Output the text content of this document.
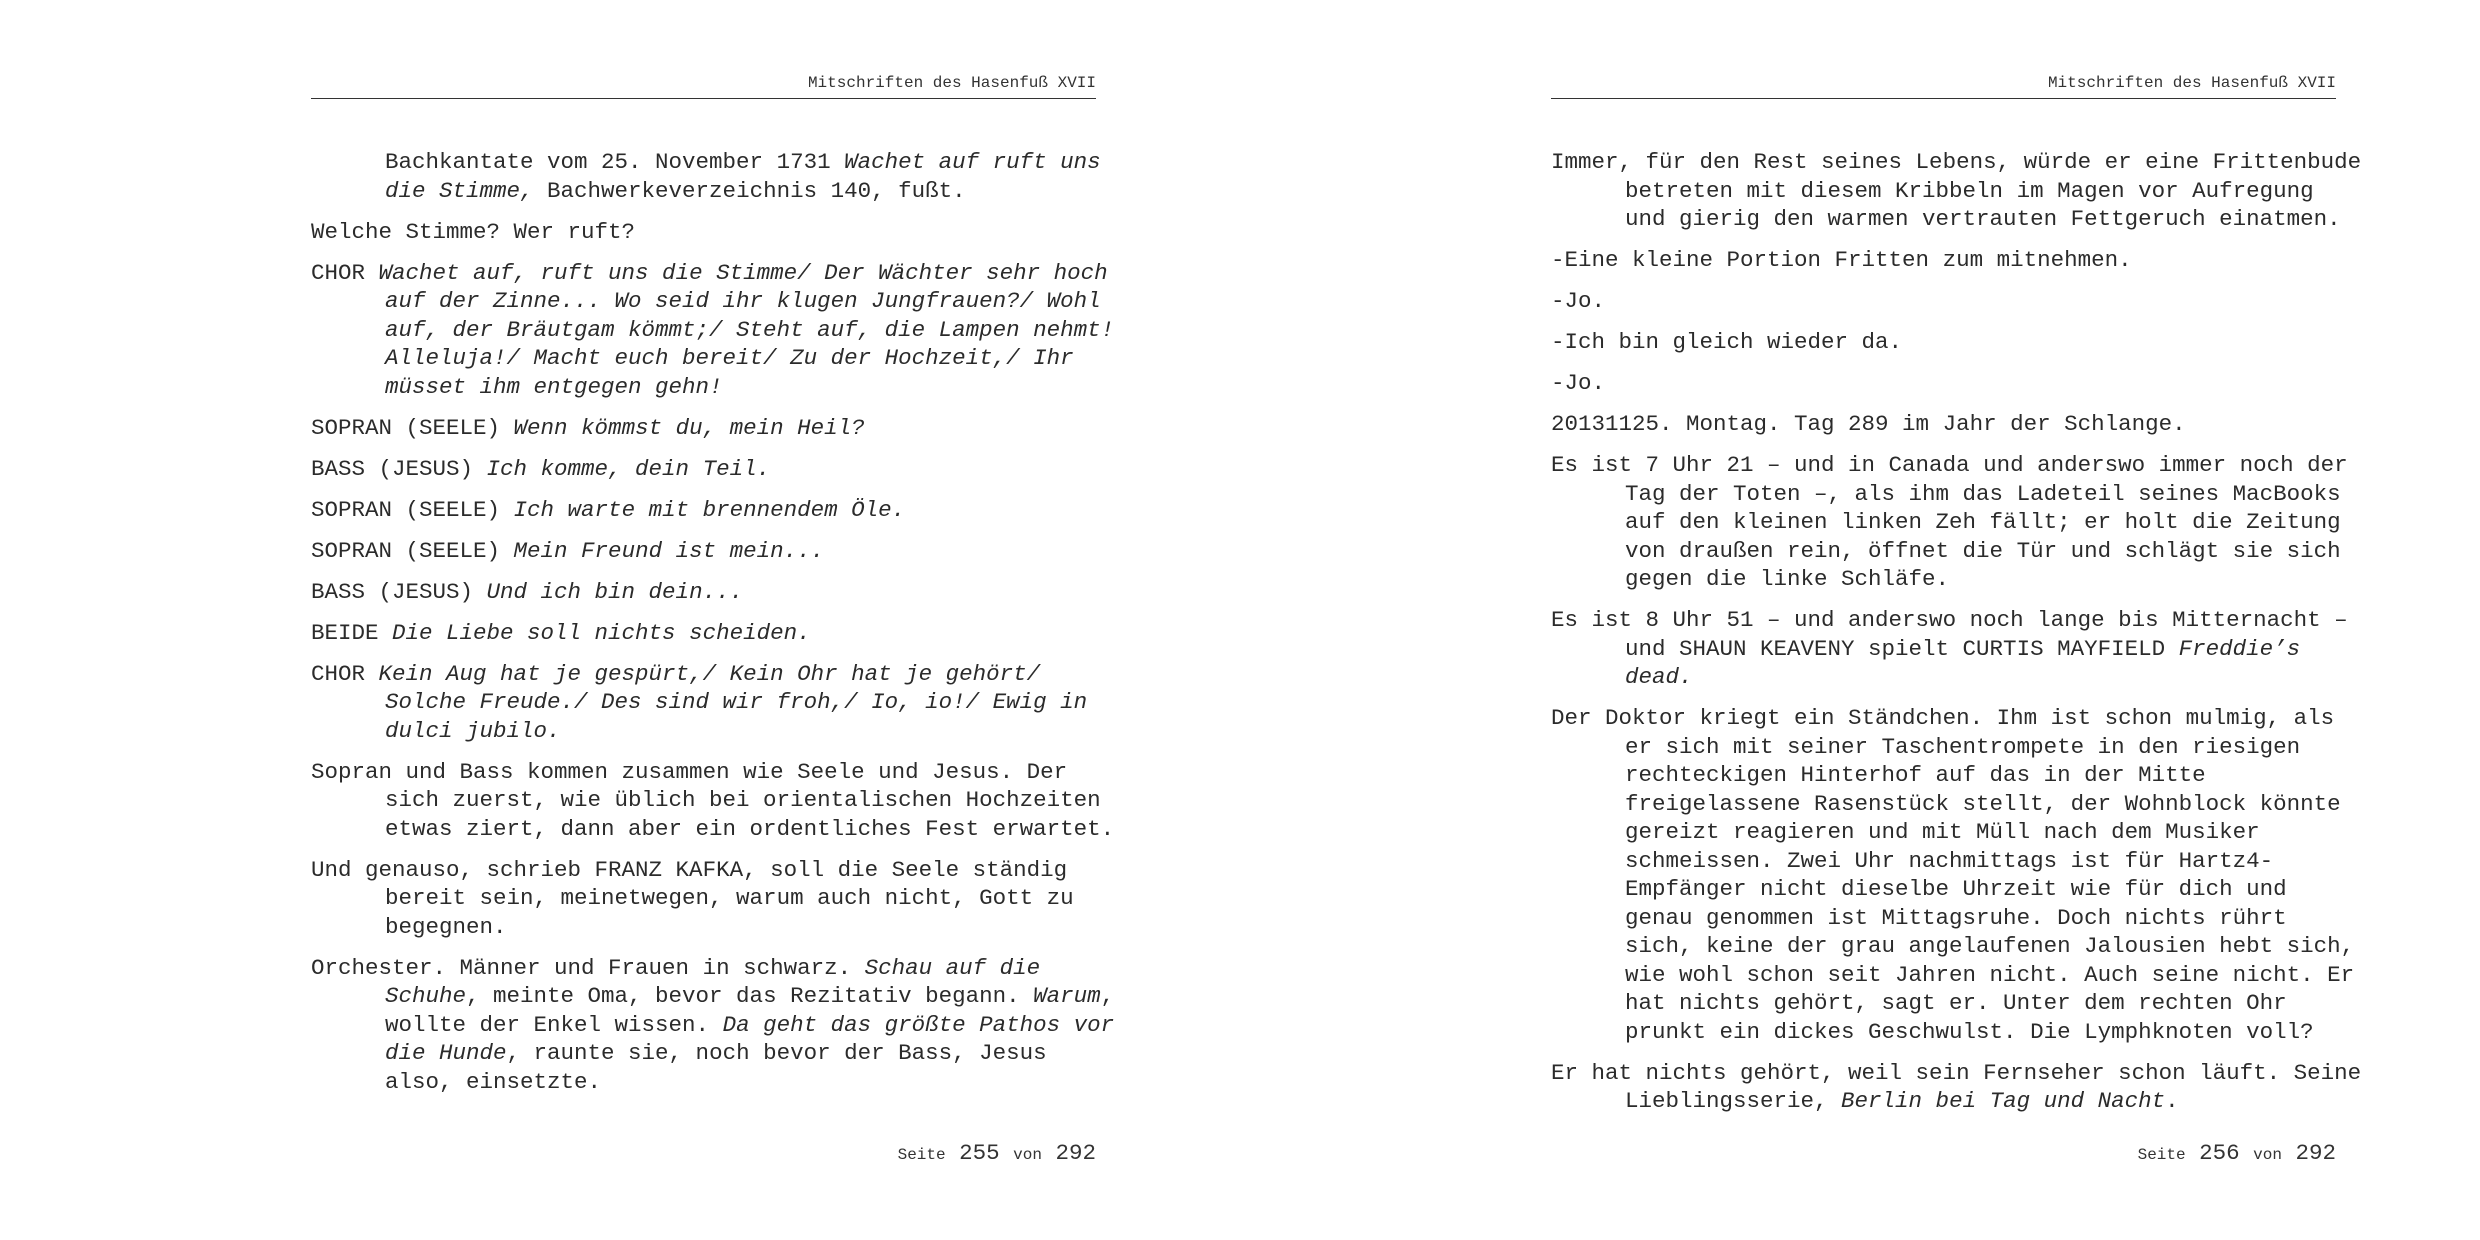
Mitschriften des Hasenfuß XVII
Bachkantate vom 25. November 1731 Wachet auf ruft uns
die Stimme, Bachwerkeverzeichnis 140, fußt.
Welche Stimme? Wer ruft?
CHOR Wachet auf, ruft uns die Stimme/ Der Wächter sehr hoch
auf der Zinne... Wo seid ihr klugen Jungfrauen?/ Wohl
auf, der Bräutgam kömmt;/ Steht auf, die Lampen nehmt!
Alleluja!/ Macht euch bereit/ Zu der Hochzeit,/ Ihr
müsset ihm entgegen gehn!
SOPRAN (SEELE) Wenn kömmst du, mein Heil?
BASS (JESUS) Ich komme, dein Teil.
SOPRAN (SEELE) Ich warte mit brennendem Öle.
SOPRAN (SEELE) Mein Freund ist mein...
BASS (JESUS) Und ich bin dein...
BEIDE Die Liebe soll nichts scheiden.
CHOR Kein Aug hat je gespürt,/ Kein Ohr hat je gehört/
Solche Freude./ Des sind wir froh,/ Io, io!/ Ewig in
dulci jubilo.
Sopran und Bass kommen zusammen wie Seele und Jesus. Der
sich zuerst, wie üblich bei orientalischen Hochzeiten
etwas ziert, dann aber ein ordentliches Fest erwartet.
Und genauso, schrieb FRANZ KAFKA, soll die Seele ständig
bereit sein, meinetwegen, warum auch nicht, Gott zu
begegnen.
Orchester. Männer und Frauen in schwarz. Schau auf die
Schuhe, meinte Oma, bevor das Rezitativ begann. Warum,
wollte der Enkel wissen. Da geht das größte Pathos vor
die Hunde, raunte sie, noch bevor der Bass, Jesus
also, einsetzte.
Seite 255 von 292
Mitschriften des Hasenfuß XVII
Immer, für den Rest seines Lebens, würde er eine Frittenbude
betreten mit diesem Kribbeln im Magen vor Aufregung
und gierig den warmen vertrauten Fettgeruch einatmen.
-Eine kleine Portion Fritten zum mitnehmen.
-Jo.
-Ich bin gleich wieder da.
-Jo.
20131125. Montag. Tag 289 im Jahr der Schlange.
Es ist 7 Uhr 21 – und in Canada und anderswo immer noch der
Tag der Toten –, als ihm das Ladeteil seines MacBooks
auf den kleinen linken Zeh fällt; er holt die Zeitung
von draußen rein, öffnet die Tür und schlägt sie sich
gegen die linke Schläfe.
Es ist 8 Uhr 51 – und anderswo noch lange bis Mitternacht –
und SHAUN KEAVENY spielt CURTIS MAYFIELD Freddie’s
dead.
Der Doktor kriegt ein Ständchen. Ihm ist schon mulmig, als
er sich mit seiner Taschentrompete in den riesigen
rechteckigen Hinterhof auf das in der Mitte
freigelassene Rasenstück stellt, der Wohnblock könnte
gereizt reagieren und mit Müll nach dem Musiker
schmeissen. Zwei Uhr nachmittags ist für Hartz4-
Empfänger nicht dieselbe Uhrzeit wie für dich und
genau genommen ist Mittagsruhe. Doch nichts rührt
sich, keine der grau angelaufenen Jalousien hebt sich,
wie wohl schon seit Jahren nicht. Auch seine nicht. Er
hat nichts gehört, sagt er. Unter dem rechten Ohr
prunkt ein dickes Geschwulst. Die Lymphknoten voll?
Er hat nichts gehört, weil sein Fernseher schon läuft. Seine
Lieblingsserie, Berlin bei Tag und Nacht.
Seite 256 von 292
